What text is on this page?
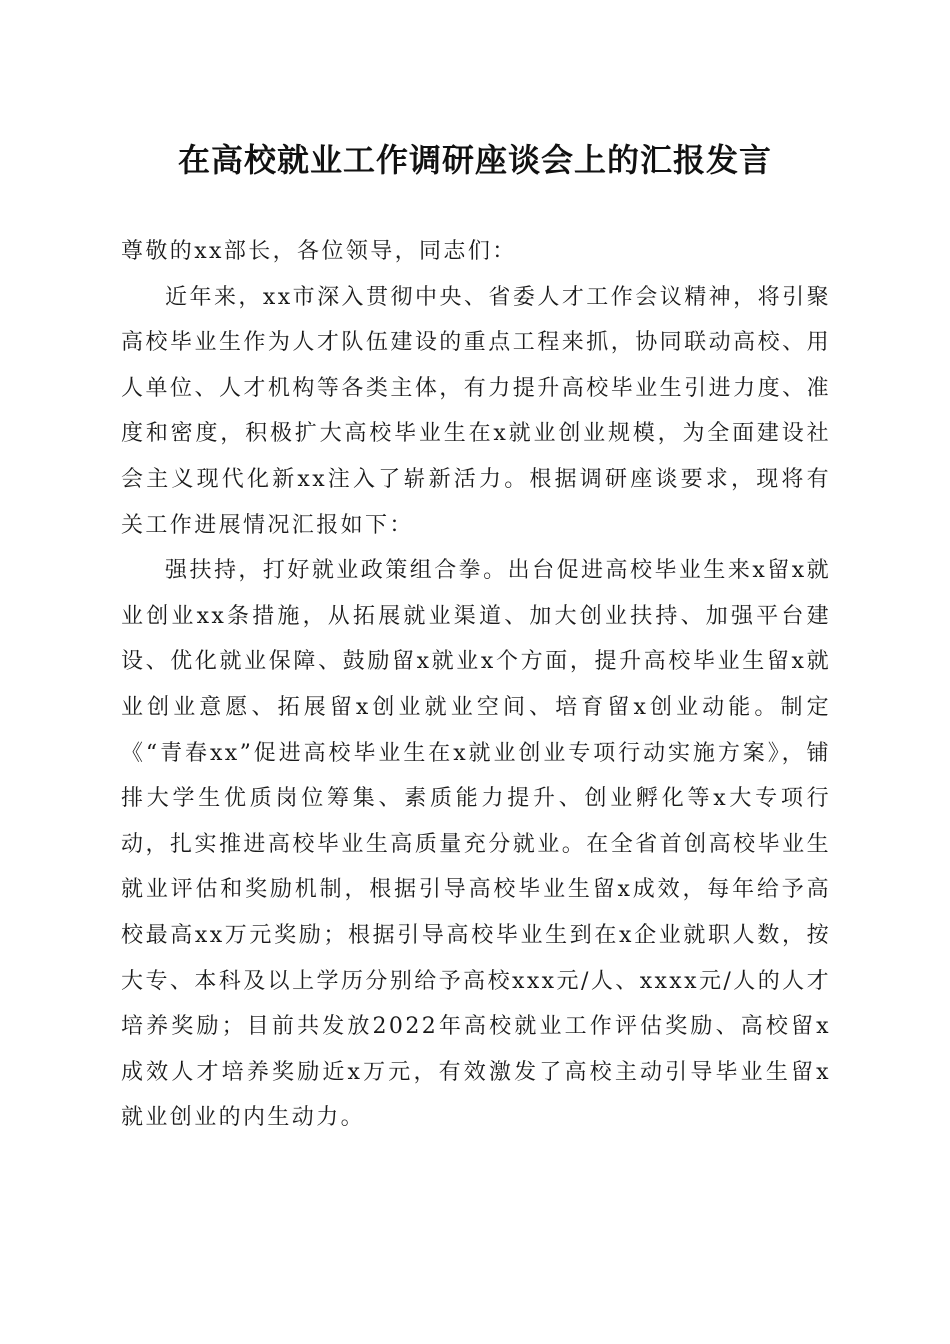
在高校就业工作调研座谈会上的汇报发言

尊敬的xx部长，各位领导，同志们：

近年来，xx市深入贯彻中央、省委人才工作会议精神，将引聚高校毕业生作为人才队伍建设的重点工程来抓，协同联动高校、用人单位、人才机构等各类主体，有力提升高校毕业生引进力度、准度和密度，积极扩大高校毕业生在x就业创业规模，为全面建设社会主义现代化新xx注入了崭新活力。根据调研座谈要求，现将有关工作进展情况汇报如下：

强扶持，打好就业政策组合拳。出台促进高校毕业生来x留x就业创业xx条措施，从拓展就业渠道、加大创业扶持、加强平台建设、优化就业保障、鼓励留x就业x个方面，提升高校毕业生留x就业创业意愿、拓展留x创业就业空间、培育留x创业动能。制定《“青春xx”促进高校毕业生在x就业创业专项行动实施方案》，铺排大学生优质岗位筹集、素质能力提升、创业孵化等x大专项行动，扎实推进高校毕业生高质量充分就业。在全省首创高校毕业生就业评估和奖励机制，根据引导高校毕业生留x成效，每年给予高校最高xx万元奖励；根据引导高校毕业生到在x企业就职人数，按大专、本科及以上学历分别给予高校xxx元/人、xxxx元/人的人才培养奖励；目前共发放2022年高校就业工作评估奖励、高校留x成效人才培养奖励近x万元，有效激发了高校主动引导毕业生留x就业创业的内生动力。
